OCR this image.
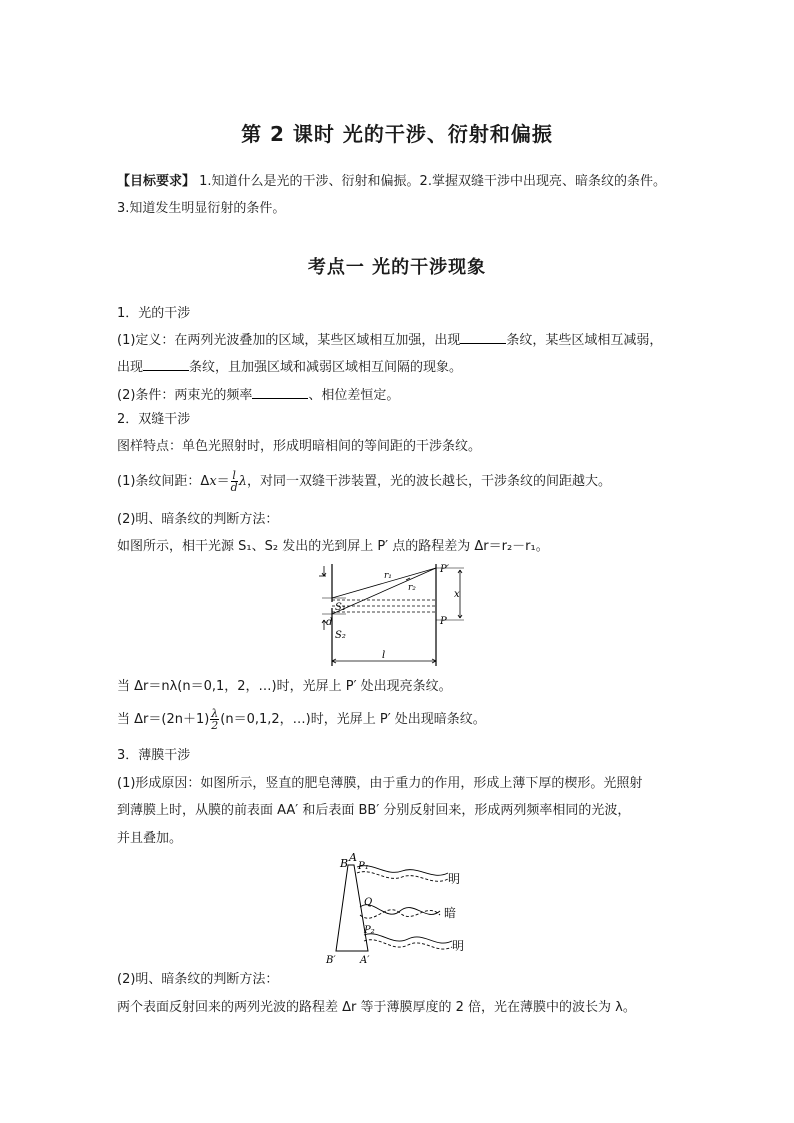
第 2 课时 光的干涉、衍射和偏振
【目标要求】 1.知道什么是光的干涉、衍射和偏振。2.掌握双缝干涉中出现亮、暗条纹的条件。
3.知道发生明显衍射的条件。
考点一 光的干涉现象
1．光的干涉
(1)定义：在两列光波叠加的区域，某些区域相互加强，出现	条纹，某些区域相互减弱，
出现	条纹，且加强区域和减弱区域相互间隔的现象。
(2)条件：两束光的频率	、相位差恒定。
2．双缝干涉
图样特点：单色光照射时，形成明暗相间的等间距的干涉条纹。
(1)条纹间距：$\Delta x= \frac{l}{d}$ λ，对同一双缝干涉装置，光的波长越长，干涉条纹的间距越大。
(2)明、暗条纹的判断方法：
如图所示，相干光源 S₁、S₂ 发出的光到屏上 P′ 点的路程差为 Δr＝r₂－r₁。
S₁
d
S₂
r₁
r₂
P′
P
x
l
当 Δr＝nλ(n＝0,1，2，…)时，光屏上 P′ 处出现亮条纹。
当 $\Delta r=(2n+1) \frac{\lambda}{2} (n=0,1,2$，…)时，光屏上 P′ 处出现暗条纹。
3．薄膜干涉
(1)形成原因：如图所示，竖直的肥皂薄膜，由于重力的作用，形成上薄下厚的楔形。光照射
到薄膜上时，从膜的前表面 AA′ 和后表面 BB′ 分别反射回来，形成两列频率相同的光波，
并且叠加。
B A
P₁
Q
P₂
B′ A′
明
暗
明
(2)明、暗条纹的判断方法：
两个表面反射回来的两列光波的路程差 Δr 等于薄膜厚度的 2 倍，光在薄膜中的波长为 λ。
